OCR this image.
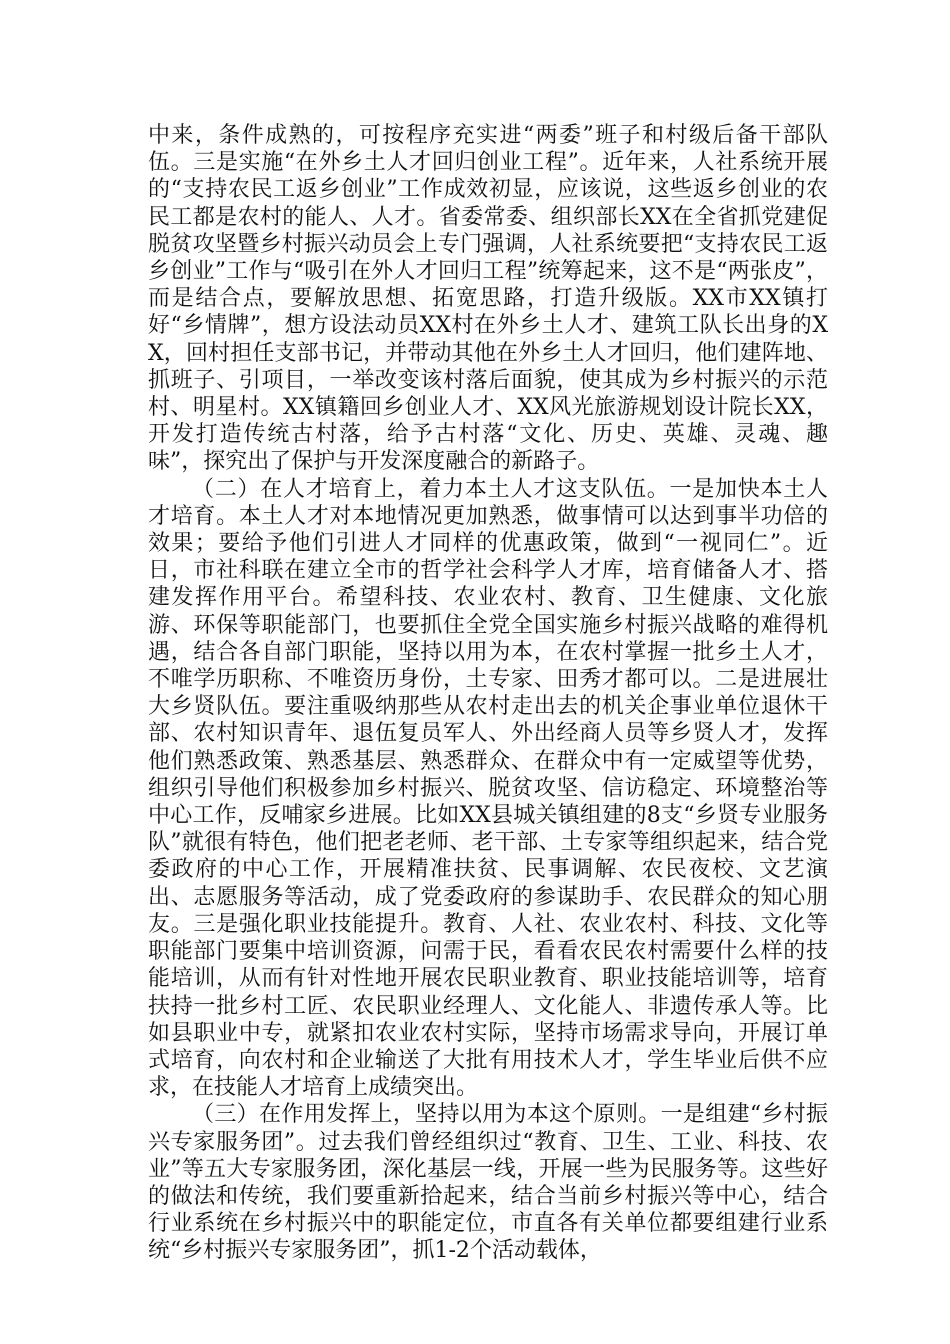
中来，条件成熟的，可按程序充实进“两委”班子和村级后备干部队伍。三是实施“在外乡土人才回归创业工程”。近年来，人社系统开展的“支持农民工返乡创业”工作成效初显，应该说，这些返乡创业的农民工都是农村的能人、人才。省委常委、组织部长XX在全省抓党建促脱贫攻坚暨乡村振兴动员会上专门强调，人社系统要把“支持农民工返乡创业”工作与“吸引在外人才回归工程”统筹起来，这不是“两张皮”，而是结合点，要解放思想、拓宽思路，打造升级版。XX市XX镇打好“乡情牌”，想方设法动员XX村在外乡土人才、建筑工队长出身的XX，回村担任支部书记，并带动其他在外乡土人才回归，他们建阵地、抓班子、引项目，一举改变该村落后面貌，使其成为乡村振兴的示范村、明星村。XX镇籍回乡创业人才、XX风光旅游规划设计院长XX，开发打造传统古村落，给予古村落“文化、历史、英雄、灵魂、趣味”，探究出了保护与开发深度融合的新路子。

（二）在人才培育上，着力本土人才这支队伍。一是加快本土人才培育。本土人才对本地情况更加熟悉，做事情可以达到事半功倍的效果；要给予他们引进人才同样的优惠政策，做到“一视同仁”。近日，市社科联在建立全市的哲学社会科学人才库，培育储备人才、搭建发挥作用平台。希望科技、农业农村、教育、卫生健康、文化旅游、环保等职能部门，也要抓住全党全国实施乡村振兴战略的难得机遇，结合各自部门职能，坚持以用为本，在农村掌握一批乡土人才，不唯学历职称、不唯资历身份，土专家、田秀才都可以。二是进展壮大乡贤队伍。要注重吸纳那些从农村走出去的机关企事业单位退休干部、农村知识青年、退伍复员军人、外出经商人员等乡贤人才，发挥他们熟悉政策、熟悉基层、熟悉群众、在群众中有一定威望等优势，组织引导他们积极参加乡村振兴、脱贫攻坚、信访稳定、环境整治等中心工作，反哺家乡进展。比如XX县城关镇组建的8支“乡贤专业服务队”就很有特色，他们把老老师、老干部、土专家等组织起来，结合党委政府的中心工作，开展精准扶贫、民事调解、农民夜校、文艺演出、志愿服务等活动，成了党委政府的参谋助手、农民群众的知心朋友。三是强化职业技能提升。教育、人社、农业农村、科技、文化等职能部门要集中培训资源，问需于民，看看农民农村需要什么样的技能培训，从而有针对性地开展农民职业教育、职业技能培训等，培育扶持一批乡村工匠、农民职业经理人、文化能人、非遗传承人等。比如县职业中专，就紧扣农业农村实际，坚持市场需求导向，开展订单式培育，向农村和企业输送了大批有用技术人才，学生毕业后供不应求，在技能人才培育上成绩突出。

（三）在作用发挥上，坚持以用为本这个原则。一是组建“乡村振兴专家服务团”。过去我们曾经组织过“教育、卫生、工业、科技、农业”等五大专家服务团，深化基层一线，开展一些为民服务等。这些好的做法和传统，我们要重新拾起来，结合当前乡村振兴等中心，结合行业系统在乡村振兴中的职能定位，市直各有关单位都要组建行业系统“乡村振兴专家服务团”，抓1-2个活动载体，
